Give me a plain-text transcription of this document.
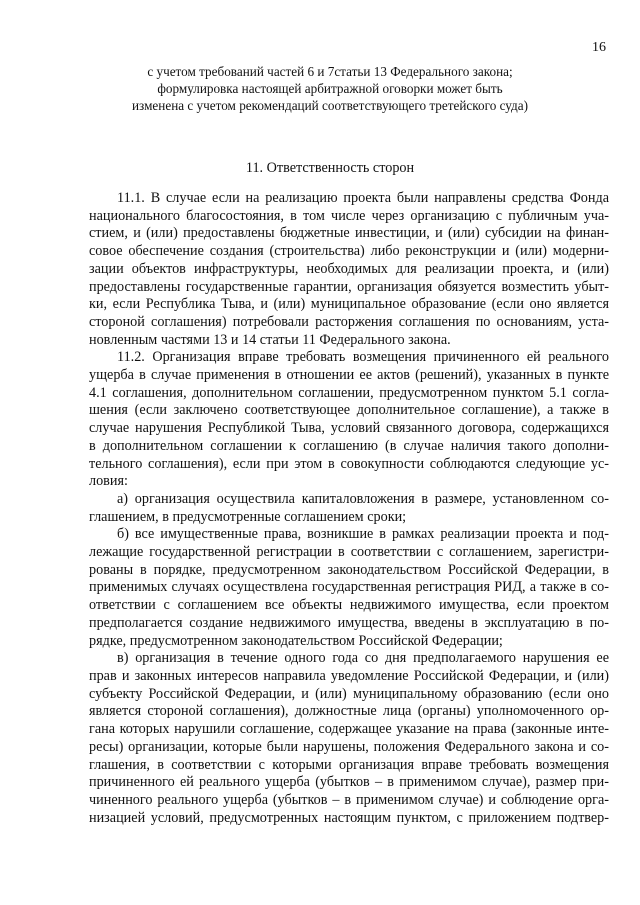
16
с учетом требований частей 6 и 7статьи 13 Федерального закона;
формулировка настоящей арбитражной оговорки может быть
изменена с учетом рекомендаций соответствующего третейского суда)
11. Ответственность сторон

11.1. В случае если на реализацию проекта были направлены средства Фонда
национального благосостояния, в том числе через организацию с публичным уча-
стием, и (или) предоставлены бюджетные инвестиции, и (или) субсидии на финан-
совое обеспечение создания (строительства) либо реконструкции и (или) модерни-
зации объектов инфраструктуры, необходимых для реализации проекта, и (или)
предоставлены государственные гарантии, организация обязуется возместить убыт-
ки, если Республика Тыва, и (или) муниципальное образование (если оно является
стороной соглашения) потребовали расторжения соглашения по основаниям, уста-
новленным частями 13 и 14 статьи 11 Федерального закона.

11.2. Организация вправе требовать возмещения причиненного ей реального
ущерба в случае применения в отношении ее актов (решений), указанных в пункте
4.1 соглашения, дополнительном соглашении, предусмотренном пунктом 5.1 согла-
шения (если заключено соответствующее дополнительное соглашение), а также в
случае нарушения Республикой Тыва, условий связанного договора, содержащихся
в дополнительном соглашении к соглашению (в случае наличия такого дополни-
тельного соглашения), если при этом в совокупности соблюдаются следующие ус-
ловия:

а) организация осуществила капиталовложения в размере, установленном со-
глашением, в предусмотренные соглашением сроки;

б) все имущественные права, возникшие в рамках реализации проекта и под-
лежащие государственной регистрации в соответствии с соглашением, зарегистри-
рованы в порядке, предусмотренном законодательством Российской Федерации, в
применимых случаях осуществлена государственная регистрация РИД, а также в со-
ответствии с соглашением все объекты недвижимого имущества, если проектом
предполагается создание недвижимого имущества, введены в эксплуатацию в по-
рядке, предусмотренном законодательством Российской Федерации;

в) организация в течение одного года со дня предполагаемого нарушения ее
прав и законных интересов направила уведомление Российской Федерации, и (или)
субъекту Российской Федерации, и (или) муниципальному образованию (если оно
является стороной соглашения), должностные лица (органы) уполномоченного ор-
гана которых нарушили соглашение, содержащее указание на права (законные инте-
ресы) организации, которые были нарушены, положения Федерального закона и со-
глашения, в соответствии с которыми организация вправе требовать возмещения
причиненного ей реального ущерба (убытков – в применимом случае), размер при-
чиненного реального ущерба (убытков – в применимом случае) и соблюдение орга-
низацией условий, предусмотренных настоящим пунктом, с приложением подтвер-
